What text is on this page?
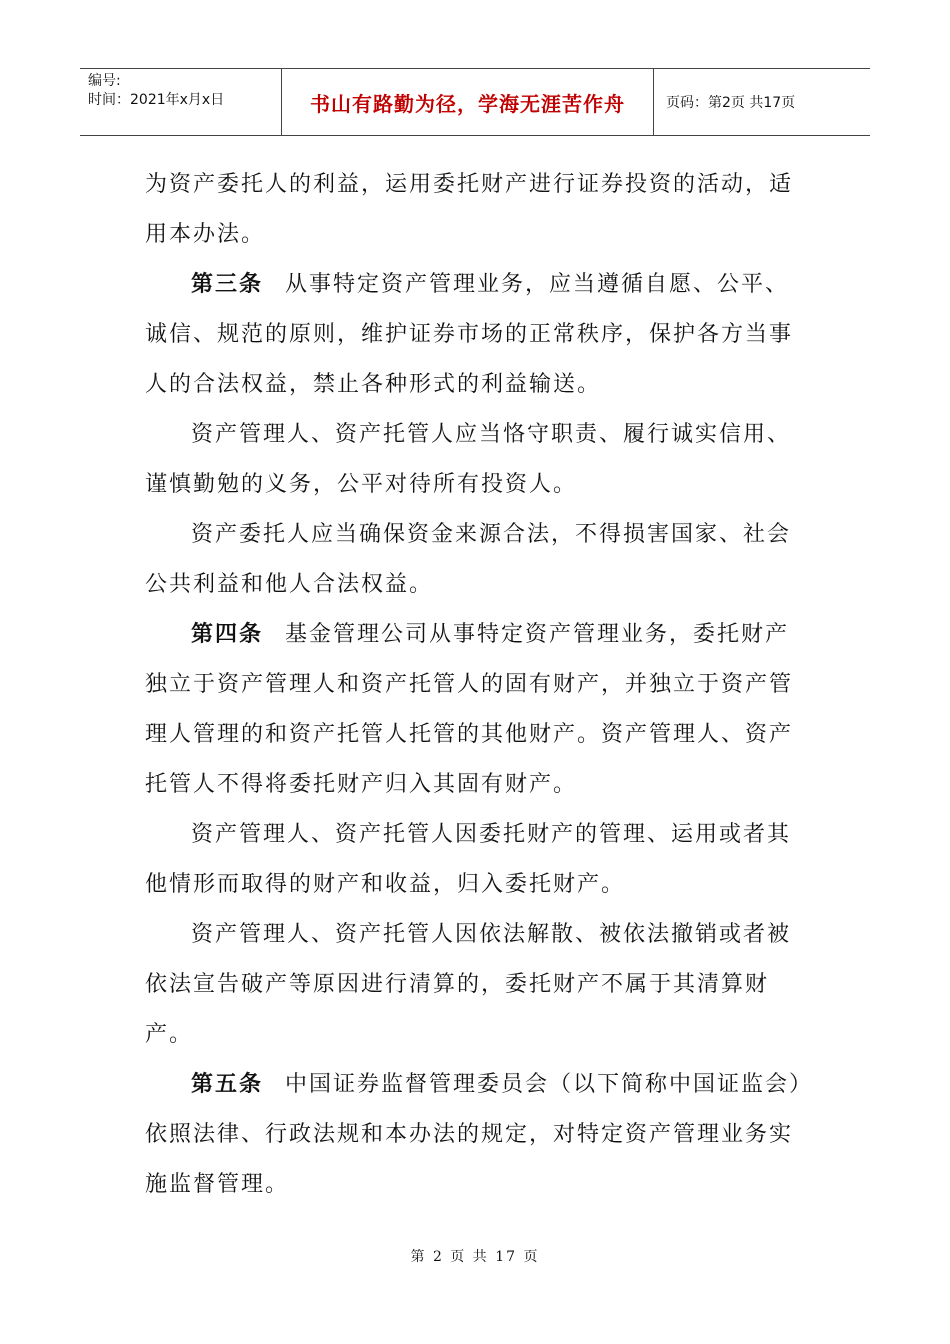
编号:
时间：2021年x月x日	书山有路勤为径，学海无涯苦作舟	页码：第2页 共17页

为资产委托人的利益，运用委托财产进行证券投资的活动，适用本办法。

第三条 从事特定资产管理业务，应当遵循自愿、公平、诚信、规范的原则，维护证券市场的正常秩序，保护各方当事人的合法权益，禁止各种形式的利益输送。

资产管理人、资产托管人应当恪守职责、履行诚实信用、谨慎勤勉的义务，公平对待所有投资人。

资产委托人应当确保资金来源合法，不得损害国家、社会公共利益和他人合法权益。

第四条 基金管理公司从事特定资产管理业务，委托财产独立于资产管理人和资产托管人的固有财产，并独立于资产管理人管理的和资产托管人托管的其他财产。资产管理人、资产托管人不得将委托财产归入其固有财产。

资产管理人、资产托管人因委托财产的管理、运用或者其他情形而取得的财产和收益，归入委托财产。

资产管理人、资产托管人因依法解散、被依法撤销或者被依法宣告破产等原因进行清算的，委托财产不属于其清算财产。

第五条 中国证券监督管理委员会（以下简称中国证监会）依照法律、行政法规和本办法的规定，对特定资产管理业务实施监督管理。

第 2 页 共 17 页
